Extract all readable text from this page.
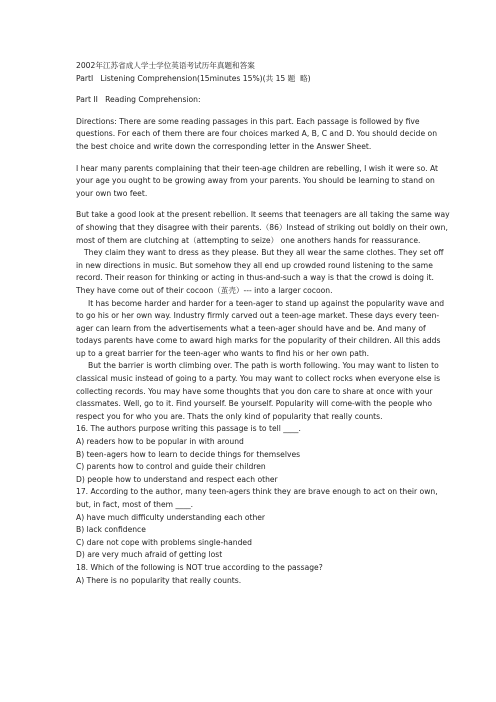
2002年江苏省成人学士学位英语考试历年真题和答案

PartⅠ   Listening Comprehension(15minutes 15%)(共 15 题  略)

Part II   Reading Comprehension:

Directions: There are some reading passages in this part. Each passage is followed by five questions. For each of them there are four choices marked A, B, C and D. You should decide on the best choice and write down the corresponding letter in the Answer Sheet.

I hear many parents complaining that their teen-age children are rebelling, I wish it were so. At your age you ought to be growing away from your parents. You should be learning to stand on your own two feet.

But take a good look at the present rebellion. It seems that teenagers are all taking the same way of showing that they disagree with their parents.（86）Instead of striking out boldly on their own, most of them are clutching at（attempting to seize） one anothers hands for reassurance.

They claim they want to dress as they please. But they all wear the same clothes. They set off in new directions in music. But somehow they all end up crowded round listening to the same record. Their reason for thinking or acting in thus-and-such a way is that the crowd is doing it. They have come out of their cocoon（茧壳）--- into a larger cocoon.

It has become harder and harder for a teen-ager to stand up against the popularity wave and to go his or her own way. Industry firmly carved out a teen-age market. These days every teen-ager can learn from the advertisements what a teen-ager should have and be. And many of todays parents have come to award high marks for the popularity of their children. All this adds up to a great barrier for the teen-ager who wants to find his or her own path.

But the barrier is worth climbing over. The path is worth following. You may want to listen to classical music instead of going to a party. You may want to collect rocks when everyone else is collecting records. You may have some thoughts that you don care to share at once with your classmates. Well, go to it. Find yourself. Be yourself. Popularity will come-with the people who respect you for who you are. Thats the only kind of popularity that really counts.

16. The authors purpose writing this passage is to tell ____.

A) readers how to be popular in with around

B) teen-agers how to learn to decide things for themselves

C) parents how to control and guide their children

D) people how to understand and respect each other

17. According to the author, many teen-agers think they are brave enough to act on their own, but, in fact, most of them ____.

A) have much difficulty understanding each other

B) lack confidence

C) dare not cope with problems single-handed

D) are very much afraid of getting lost

18. Which of the following is NOT true according to the passage?

A) There is no popularity that really counts.
